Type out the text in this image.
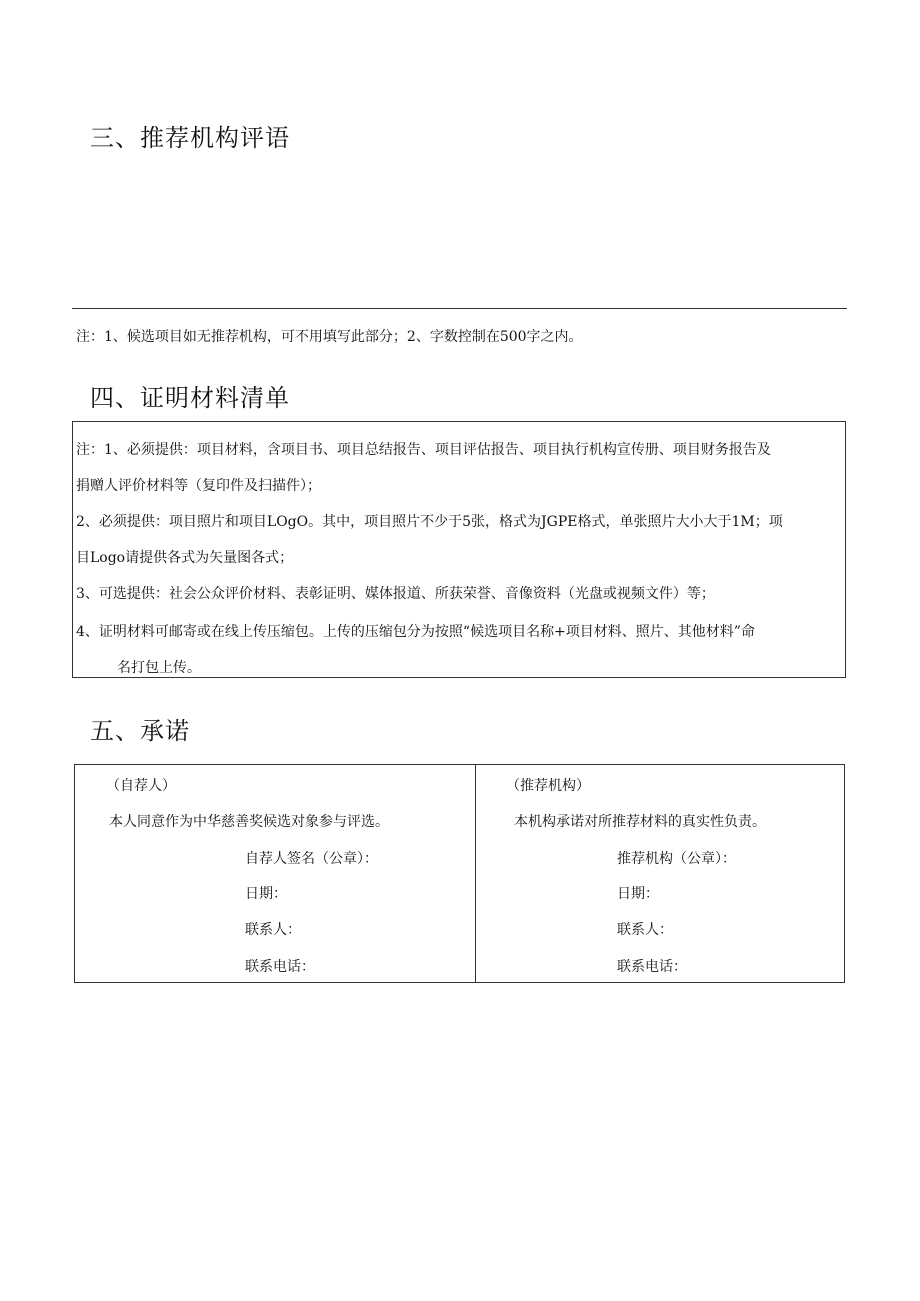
三、推荐机构评语

注：1、候选项目如无推荐机构，可不用填写此部分；2、字数控制在500字之内。

四、证明材料清单

注：1、必须提供：项目材料，含项目书、项目总结报告、项目评估报告、项目执行机构宣传册、项目财务报告及

捐赠人评价材料等（复印件及扫描件）；

2、必须提供：项目照片和项目LOgO。其中，项目照片不少于5张，格式为JGPE格式，单张照片大小大于1M；项

目Logo请提供各式为矢量图各式；

3、可选提供：社会公众评价材料、表彰证明、媒体报道、所获荣誉、音像资料（光盘或视频文件）等；

4、证明材料可邮寄或在线上传压缩包。上传的压缩包分为按照“候选项目名称+项目材料、照片、其他材料”命

名打包上传。

五、承诺
（自荐人）
本人同意作为中华慈善奖候选对象参与评选。
自荐人签名（公章）：
日期：
联系人：
联系电话：
（推荐机构）
本机构承诺对所推荐材料的真实性负责。
推荐机构（公章）：
日期：
联系人：
联系电话：
